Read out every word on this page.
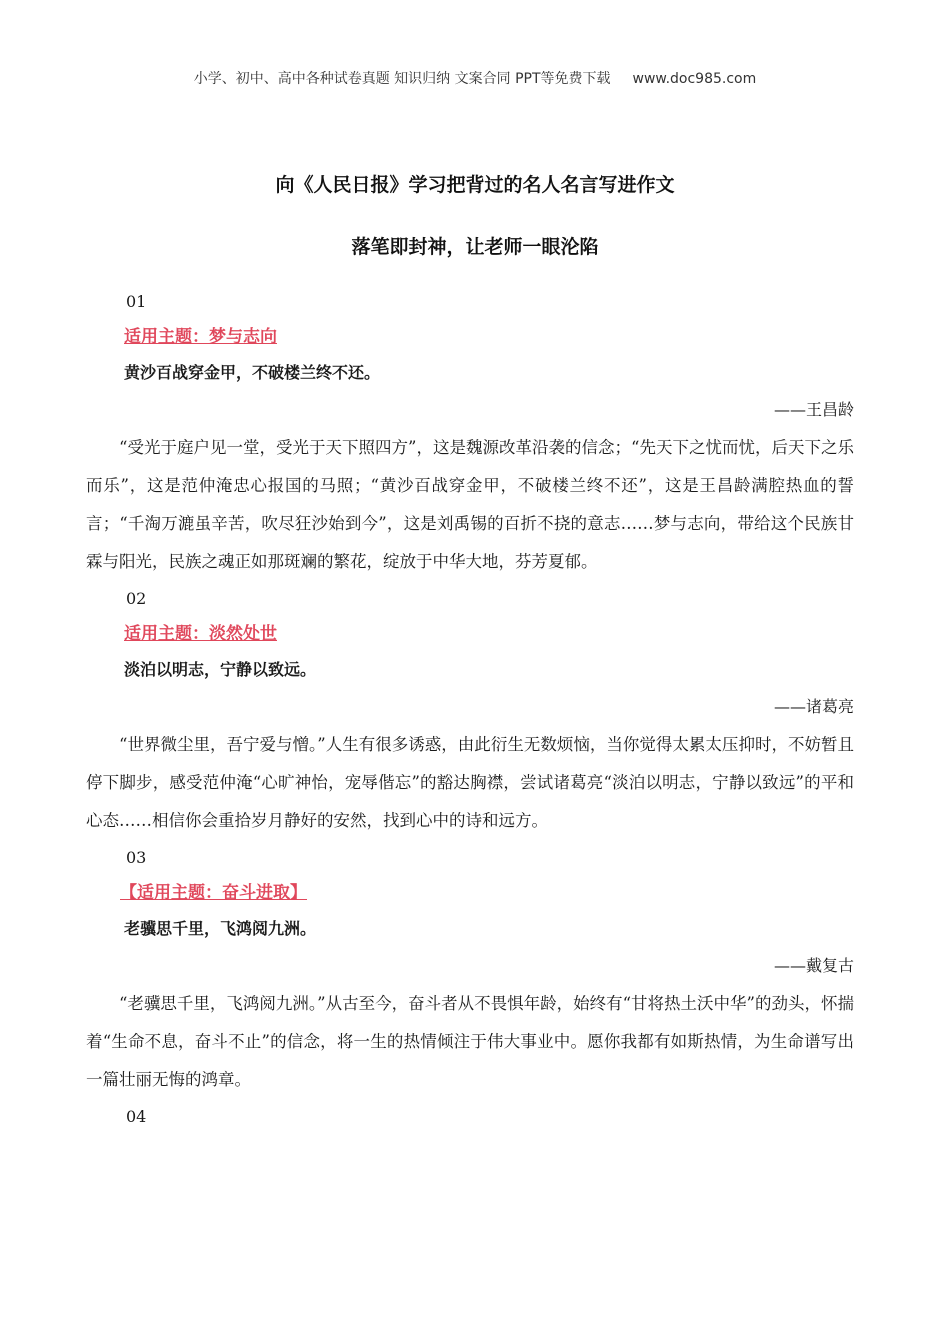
小学、初中、高中各种试卷真题 知识归纳 文案合同 PPT等免费下载 www.doc985.com
向《人民日报》学习把背过的名人名言写进作文
落笔即封神，让老师一眼沦陷
01
适用主题：梦与志向
黄沙百战穿金甲，不破楼兰终不还。
——王昌龄

“受光于庭户见一堂，受光于天下照四方”，这是魏源改革沿袭的信念；“先天下之忧而忧，后天下之乐而乐”，这是范仲淹忠心报国的马照；“黄沙百战穿金甲，不破楼兰终不还”，这是王昌龄满腔热血的誓言；“千淘万漉虽辛苦，吹尽狂沙始到今”，这是刘禹锡的百折不挠的意志……梦与志向，带给这个民族甘霖与阳光，民族之魂正如那斑斓的繁花，绽放于中华大地，芬芳夏郁。

02
适用主题：淡然处世
淡泊以明志，宁静以致远。
——诸葛亮

“世界微尘里，吾宁爱与憎。”人生有很多诱惑，由此衍生无数烦恼，当你觉得太累太压抑时，不妨暂且停下脚步，感受范仲淹“心旷神怡，宠辱偕忘”的豁达胸襟，尝试诸葛亮“淡泊以明志，宁静以致远”的平和心态……相信你会重拾岁月静好的安然，找到心中的诗和远方。

03
【适用主题：奋斗进取】
老骥思千里，飞鸿阅九洲。
——戴复古

“老骥思千里，飞鸿阅九洲。”从古至今，奋斗者从不畏惧年龄，始终有“甘将热土沃中华”的劲头，怀揣着“生命不息，奋斗不止”的信念，将一生的热情倾注于伟大事业中。愿你我都有如斯热情，为生命谱写出一篇壮丽无悔的鸿章。

04
